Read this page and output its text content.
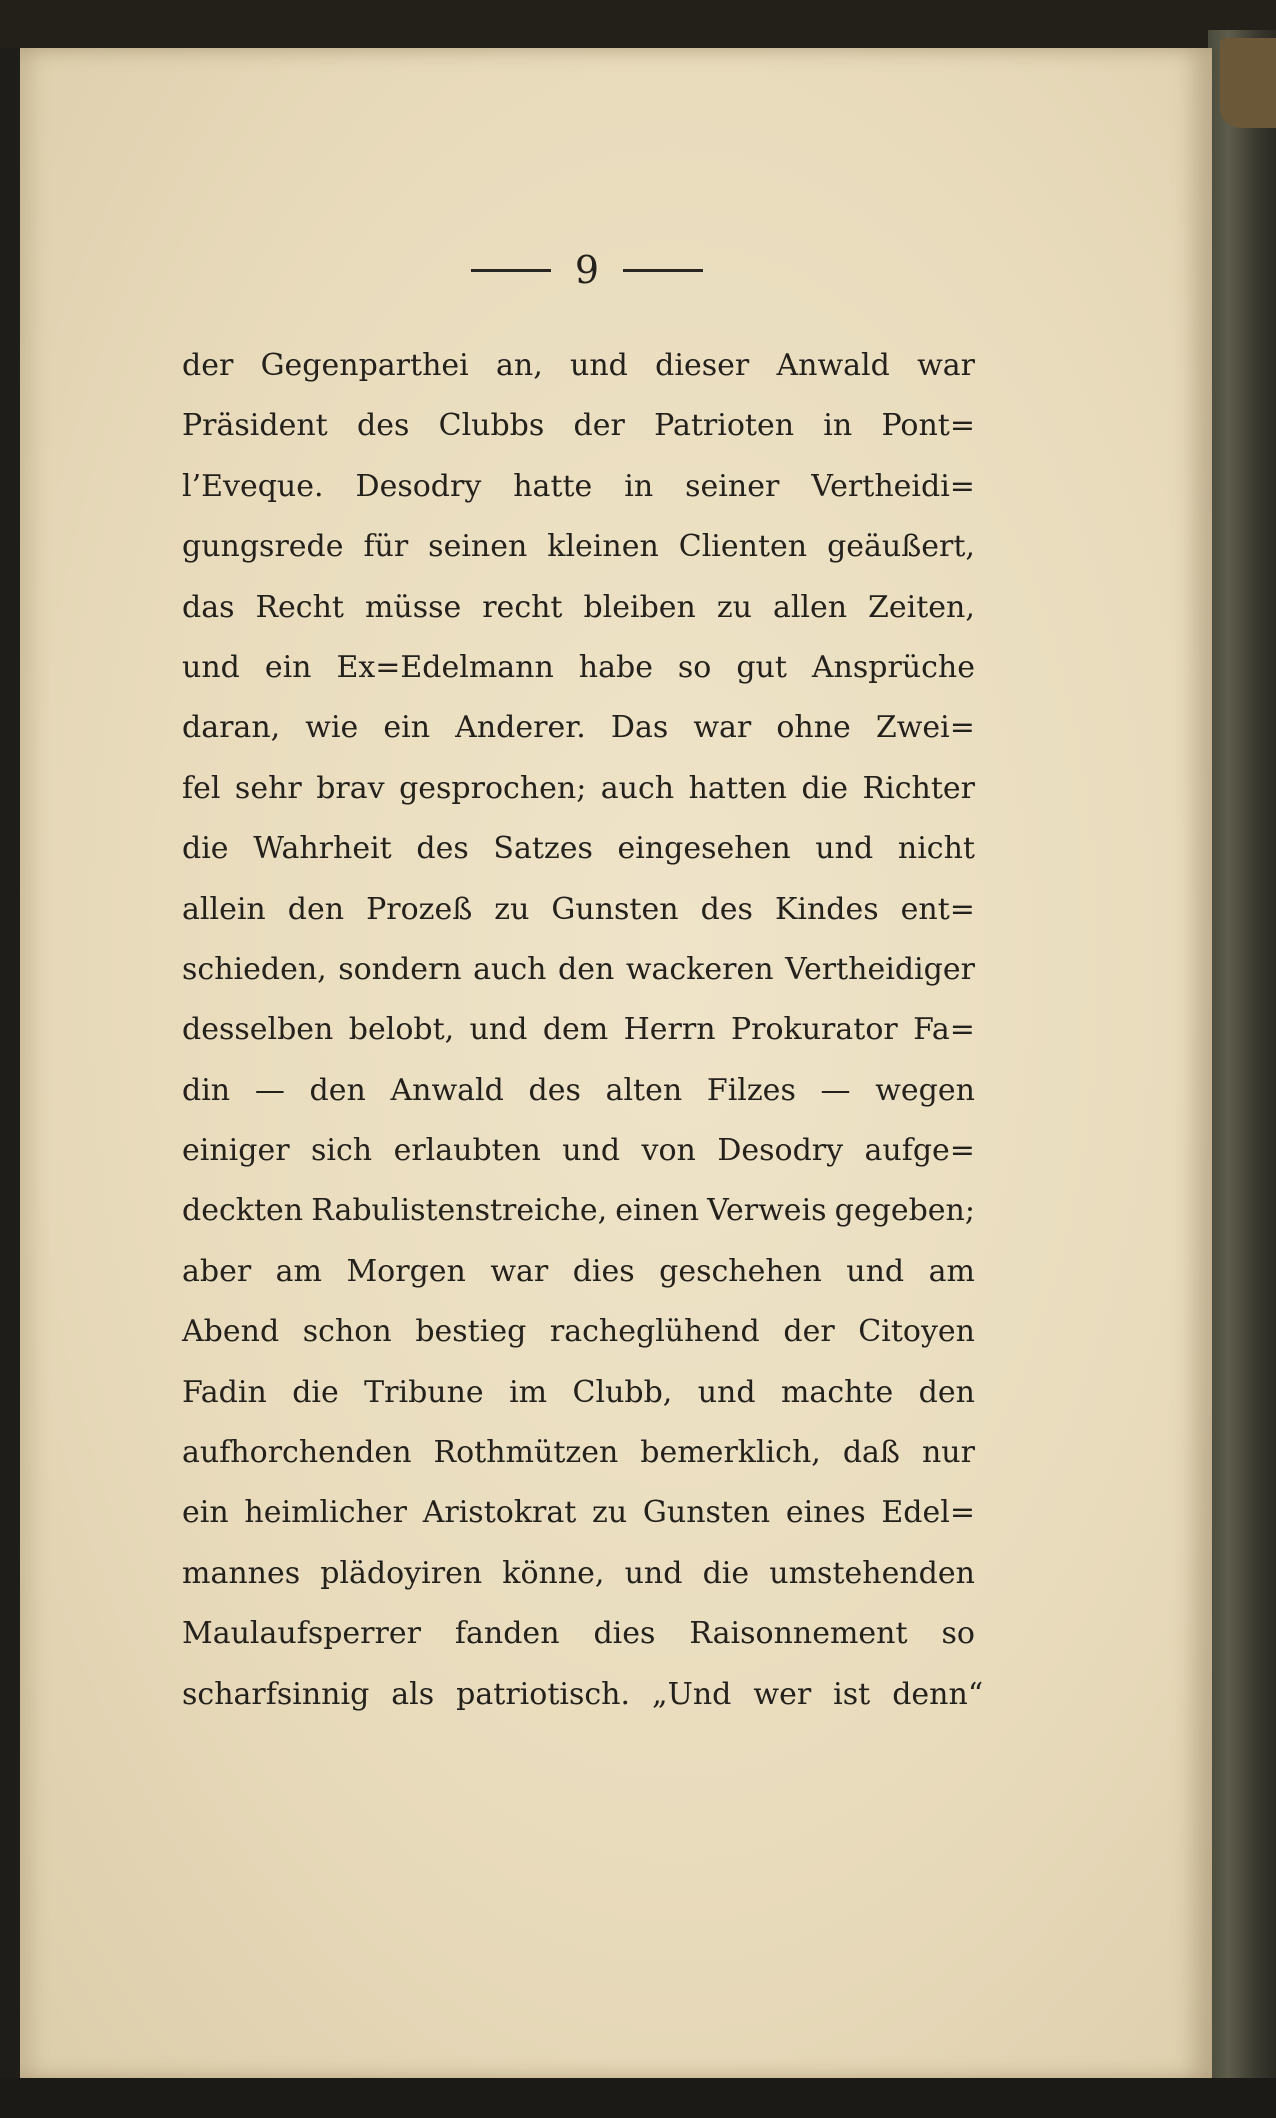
9
der Gegenparthei an, und dieser Anwald war
Präsident des Clubbs der Patrioten in Pont=
l’Eveque. Desodry hatte in seiner Vertheidi=
gungsrede für seinen kleinen Clienten geäußert,
das Recht müsse recht bleiben zu allen Zeiten,
und ein Ex=Edelmann habe so gut Ansprüche
daran, wie ein Anderer. Das war ohne Zwei=
fel sehr brav gesprochen; auch hatten die Richter
die Wahrheit des Satzes eingesehen und nicht
allein den Prozeß zu Gunsten des Kindes ent=
schieden, sondern auch den wackeren Vertheidiger
desselben belobt, und dem Herrn Prokurator Fa=
din — den Anwald des alten Filzes — wegen
einiger sich erlaubten und von Desodry aufge=
deckten Rabulistenstreiche, einen Verweis gegeben;
aber am Morgen war dies geschehen und am
Abend schon bestieg racheglühend der Citoyen
Fadin die Tribune im Clubb, und machte den
aufhorchenden Rothmützen bemerklich, daß nur
ein heimlicher Aristokrat zu Gunsten eines Edel=
mannes plädoyiren könne, und die umstehenden
Maulaufsperrer fanden dies Raisonnement so
scharfsinnig als patriotisch. „Und wer ist denn“
